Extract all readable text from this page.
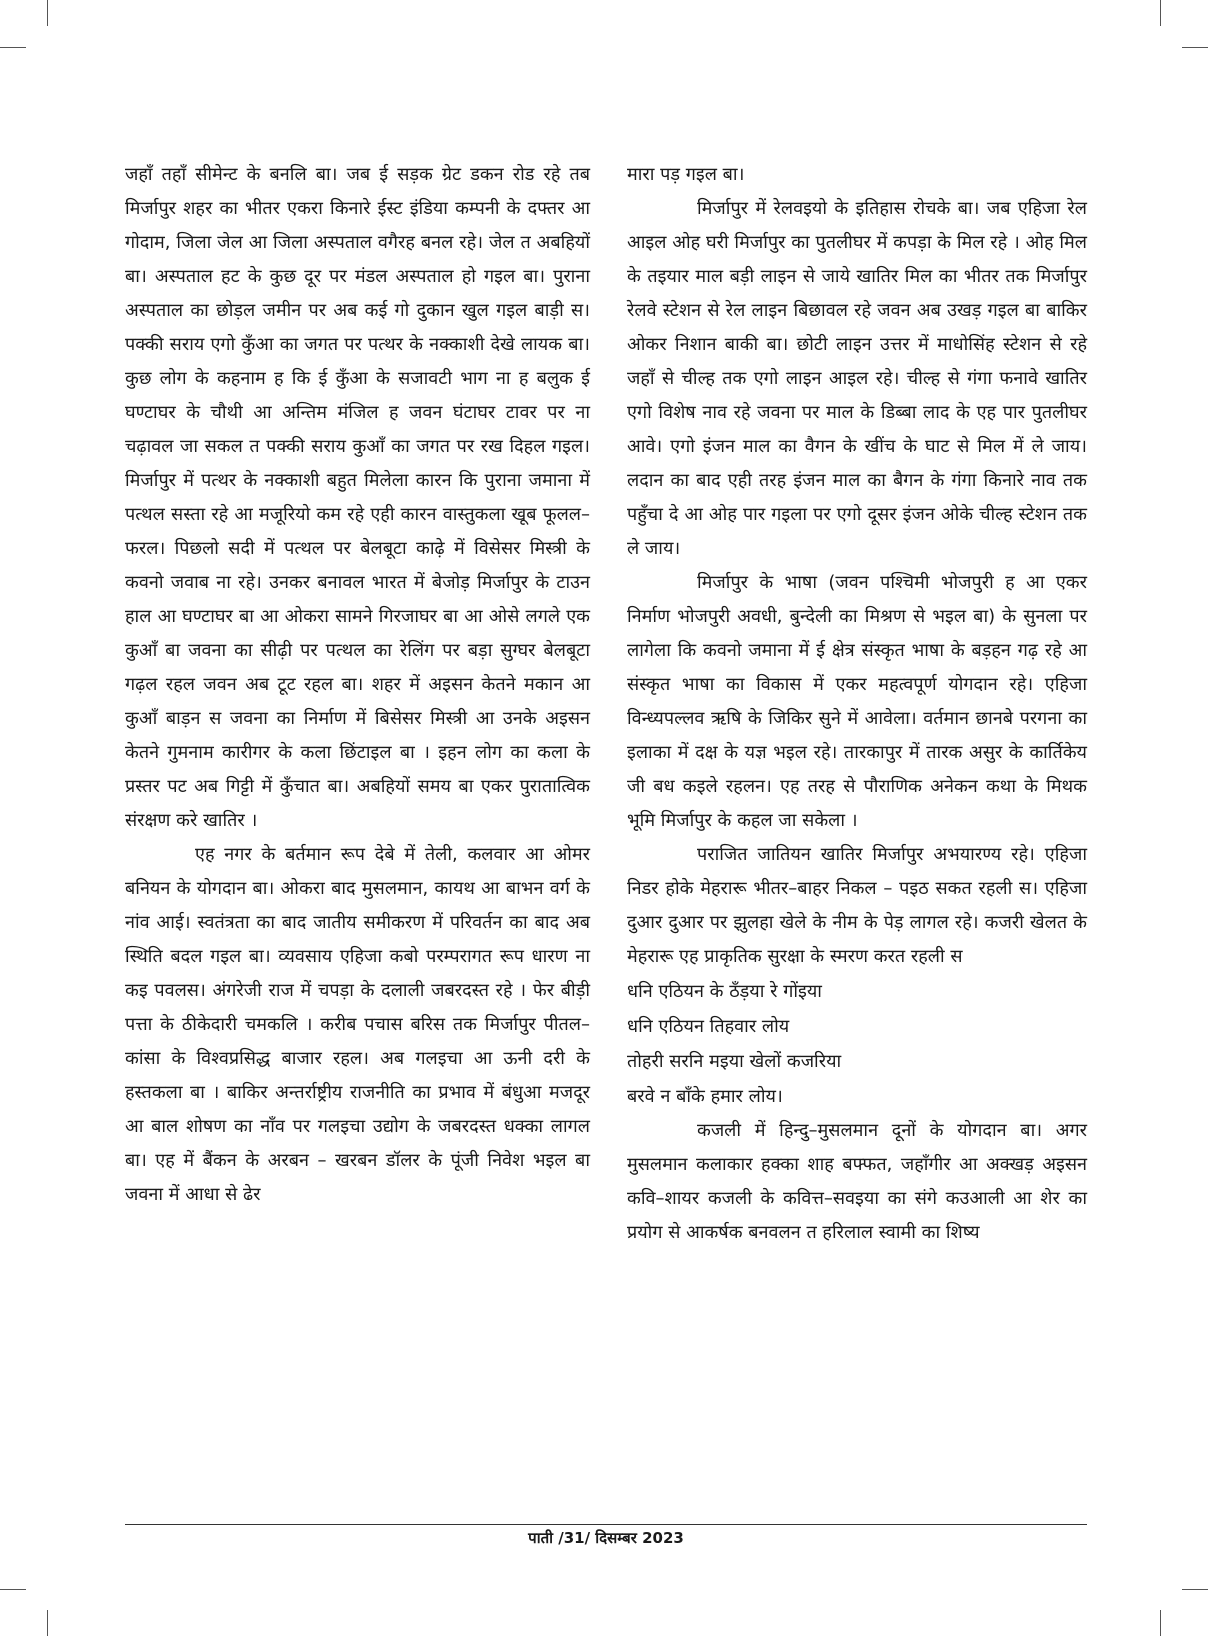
जहाँ तहाँ सीमेन्ट के बनलि बा। जब ई सड़क ग्रेट डकन रोड रहे तब मिर्जापुर शहर का भीतर एकरा किनारे ईस्ट इंडिया कम्पनी के दफ्तर आ गोदाम, जिला जेल आ जिला अस्पताल वगैरह बनल रहे। जेल त अबहियों बा। अस्पताल हट के कुछ दूर पर मंडल अस्पताल हो गइल बा। पुराना अस्पताल का छोड़ल जमीन पर अब कई गो दुकान खुल गइल बाड़ी स। पक्की सराय एगो कुँआ का जगत पर पत्थर के नक्काशी देखे लायक बा। कुछ लोग के कहनाम ह कि ई कुँआ के सजावटी भाग ना ह बलुक ई घण्टाघर के चौथी आ अन्तिम मंजिल ह जवन घंटाघर टावर पर ना चढ़ावल जा सकल त पक्की सराय कुआँ का जगत पर रख दिहल गइल। मिर्जापुर में पत्थर के नक्काशी बहुत मिलेला कारन कि पुराना जमाना में पत्थल सस्ता रहे आ मजूरियो कम रहे एही कारन वास्तुकला खूब फूलल–फरल। पिछलो सदी में पत्थल पर बेलबूटा काढ़े में विसेसर मिस्त्री के कवनो जवाब ना रहे। उनकर बनावल भारत में बेजोड़ मिर्जापुर के टाउन हाल आ घण्टाघर बा आ ओकरा सामने गिरजाघर बा आ ओसे लगले एक कुआँ बा जवना का सीढ़ी पर पत्थल का रेलिंग पर बड़ा सुग्घर बेलबूटा गढ़ल रहल जवन अब टूट रहल बा। शहर में अइसन केतने मकान आ कुआँ बाड़न स जवना का निर्माण में बिसेसर मिस्त्री आ उनके अइसन केतने गुमनाम कारीगर के कला छिंटाइल बा । इहन लोग का कला के प्रस्तर पट अब गिट्टी में कुँचात बा। अबहियों समय बा एकर पुरातात्विक संरक्षण करे खातिर ।

एह नगर के बर्तमान रूप देबे में तेली, कलवार आ ओमर बनियन के योगदान बा। ओकरा बाद मुसलमान, कायथ आ बाभन वर्ग के नांव आई। स्वतंत्रता का बाद जातीय समीकरण में परिवर्तन का बाद अब स्थिति बदल गइल बा। व्यवसाय एहिजा कबो परम्परागत रूप धारण ना कइ पवलस। अंगरेजी राज में चपड़ा के दलाली जबरदस्त रहे । फेर बीड़ी पत्ता के ठीकेदारी चमकलि । करीब पचास बरिस तक मिर्जापुर पीतल– कांसा के विश्वप्रसिद्ध बाजार रहल। अब गलइचा आ ऊनी दरी के हस्तकला बा । बाकिर अन्तर्राष्ट्रीय राजनीति का प्रभाव में बंधुआ मजदूर आ बाल शोषण का नाँव पर गलइचा उद्योग के जबरदस्त धक्का लागल बा। एह में बैंकन के अरबन – खरबन डॉलर के पूंजी निवेश भइल बा जवना में आधा से ढेर

मारा पड़ गइल बा।

मिर्जापुर में रेलवइयो के इतिहास रोचके बा। जब एहिजा रेल आइल ओह घरी मिर्जापुर का पुतलीघर में कपड़ा के मिल रहे । ओह मिल के तइयार माल बड़ी लाइन से जाये खातिर मिल का भीतर तक मिर्जापुर रेलवे स्टेशन से रेल लाइन बिछावल रहे जवन अब उखड़ गइल बा बाकिर ओकर निशान बाकी बा। छोटी लाइन उत्तर में माधोसिंह स्टेशन से रहे जहाँ से चील्ह तक एगो लाइन आइल रहे। चील्ह से गंगा फनावे खातिर एगो विशेष नाव रहे जवना पर माल के डिब्बा लाद के एह पार पुतलीघर आवे। एगो इंजन माल का वैगन के खींच के घाट से मिल में ले जाय। लदान का बाद एही तरह इंजन माल का बैगन के गंगा किनारे नाव तक पहुँचा दे आ ओह पार गइला पर एगो दूसर इंजन ओके चील्ह स्टेशन तक ले जाय।

मिर्जापुर के भाषा (जवन पश्चिमी भोजपुरी ह आ एकर निर्माण भोजपुरी अवधी, बुन्देली का मिश्रण से भइल बा) के सुनला पर लागेला कि कवनो जमाना में ई क्षेत्र संस्कृत भाषा के बड़हन गढ़ रहे आ संस्कृत भाषा का विकास में एकर महत्वपूर्ण योगदान रहे। एहिजा विन्ध्यपल्लव ऋषि के जिकिर सुने में आवेला। वर्तमान छानबे परगना का इलाका में दक्ष के यज्ञ भइल रहे। तारकापुर में तारक असुर के कार्तिकेय जी बध कइले रहलन। एह तरह से पौराणिक अनेकन कथा के मिथक भूमि मिर्जापुर के कहल जा सकेला ।

पराजित जातियन खातिर मिर्जापुर अभयारण्य रहे। एहिजा निडर होके मेहरारू भीतर–बाहर निकल – पइठ सकत रहली स। एहिजा दुआर दुआर पर झुलहा खेले के नीम के पेड़ लागल रहे। कजरी खेलत के मेहरारू एह प्राकृतिक सुरक्षा के स्मरण करत रहली स

धनि एठियन के ठँड़या रे गोंइया

धनि एठियन तिहवार लोय

तोहरी सरनि मइया खेलों कजरिया

बरवे न बाँके हमार लोय।

कजली में हिन्दु–मुसलमान दूनों के योगदान बा। अगर मुसलमान कलाकार हक्का शाह बफ्फत, जहाँगीर आ अक्खड़ अइसन कवि–शायर कजली के कवित्त–सवइया का संगे कउआली आ शेर का प्रयोग से आकर्षक बनवलन त हरिलाल स्वामी का शिष्य

पाती /31/ दिसम्बर 2023
